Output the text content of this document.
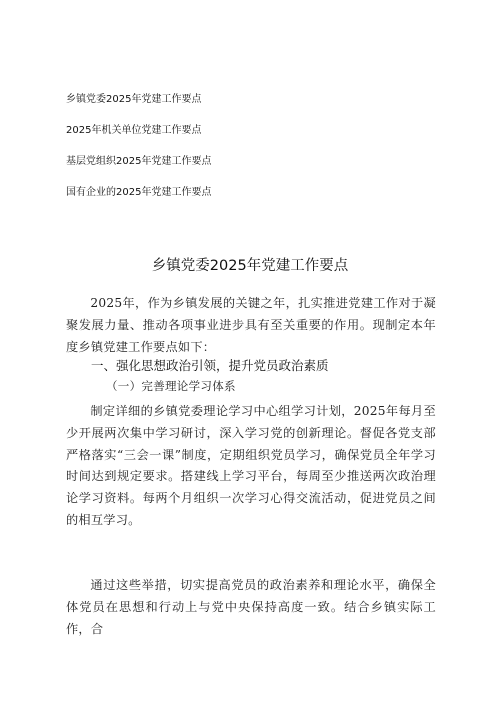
乡镇党委2025年党建工作要点
2025年机关单位党建工作要点
基层党组织2025年党建工作要点
国有企业的2025年党建工作要点
乡镇党委2025年党建工作要点

2025年，作为乡镇发展的关键之年，扎实推进党建工作对于凝聚发展力量、推动各项事业进步具有至关重要的作用。现制定本年度乡镇党建工作要点如下：

一、强化思想政治引领，提升党员政治素质
（一）完善理论学习体系

制定详细的乡镇党委理论学习中心组学习计划，2025年每月至少开展两次集中学习研讨，深入学习党的创新理论。督促各党支部严格落实“三会一课”制度，定期组织党员学习，确保党员全年学习时间达到规定要求。搭建线上学习平台，每周至少推送两次政治理论学习资料。每两个月组织一次学习心得交流活动，促进党员之间的相互学习。

通过这些举措，切实提高党员的政治素养和理论水平，确保全体党员在思想和行动上与党中央保持高度一致。结合乡镇实际工作，合
